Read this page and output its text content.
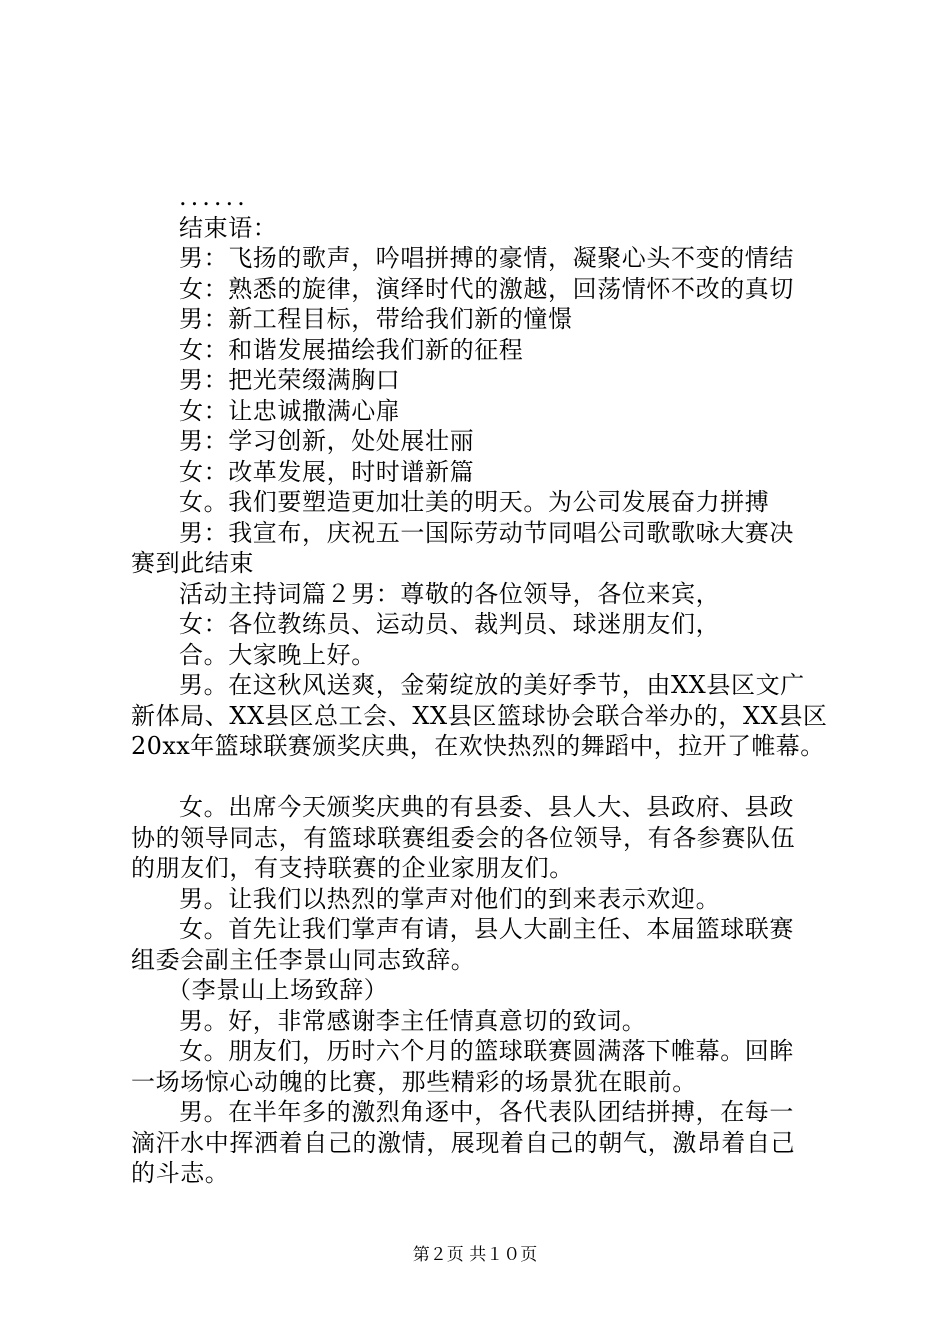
......
结束语：
男：飞扬的歌声，吟唱拼搏的豪情，凝聚心头不变的情结
女：熟悉的旋律，演绎时代的激越，回荡情怀不改的真切
男：新工程目标，带给我们新的憧憬
女：和谐发展描绘我们新的征程
男：把光荣缀满胸口
女：让忠诚撒满心扉
男：学习创新，处处展壮丽
女：改革发展，时时谱新篇
女。我们要塑造更加壮美的明天。为公司发展奋力拼搏
男：我宣布，庆祝五一国际劳动节同唱公司歌歌咏大赛决
赛到此结束
活动主持词篇２男：尊敬的各位领导，各位来宾，
女：各位教练员、运动员、裁判员、球迷朋友们，
合。大家晚上好。
男。在这秋风送爽，金菊绽放的美好季节，由XX县区文广
新体局、XX县区总工会、XX县区篮球协会联合举办的，XX县区
20xx年篮球联赛颁奖庆典，在欢快热烈的舞蹈中，拉开了帷幕。
女。出席今天颁奖庆典的有县委、县人大、县政府、县政
协的领导同志，有篮球联赛组委会的各位领导，有各参赛队伍
的朋友们，有支持联赛的企业家朋友们。
男。让我们以热烈的掌声对他们的到来表示欢迎。
女。首先让我们掌声有请，县人大副主任、本届篮球联赛
组委会副主任李景山同志致辞。
（李景山上场致辞）
男。好，非常感谢李主任情真意切的致词。
女。朋友们，历时六个月的篮球联赛圆满落下帷幕。回眸
一场场惊心动魄的比赛，那些精彩的场景犹在眼前。
男。在半年多的激烈角逐中，各代表队团结拼搏，在每一
滴汗水中挥洒着自己的激情，展现着自己的朝气，激昂着自己
的斗志。
第２页 共１０页
